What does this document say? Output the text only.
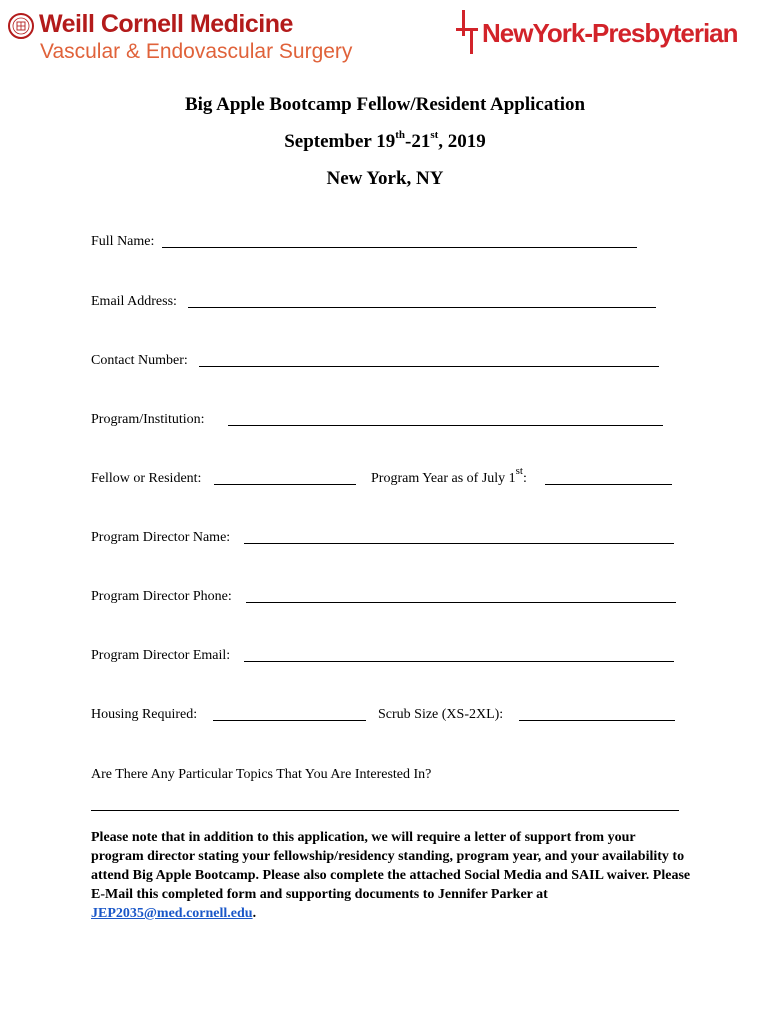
Weill Cornell Medicine
Vascular & Endovascular Surgery
NewYork-Presbyterian
Big Apple Bootcamp Fellow/Resident Application
September 19th-21st, 2019
New York, NY
Full Name:
Email Address:
Contact Number:
Program/Institution:
Fellow or Resident:	Program Year as of July 1st:
Program Director Name:
Program Director Phone:
Program Director Email:
Housing Required:	Scrub Size (XS-2XL):
Are There Any Particular Topics That You Are Interested In?
Please note that in addition to this application, we will require a letter of support from your program director stating your fellowship/residency standing, program year, and your availability to attend Big Apple Bootcamp. Please also complete the attached Social Media and SAIL waiver. Please E-Mail this completed form and supporting documents to Jennifer Parker at JEP2035@med.cornell.edu.
